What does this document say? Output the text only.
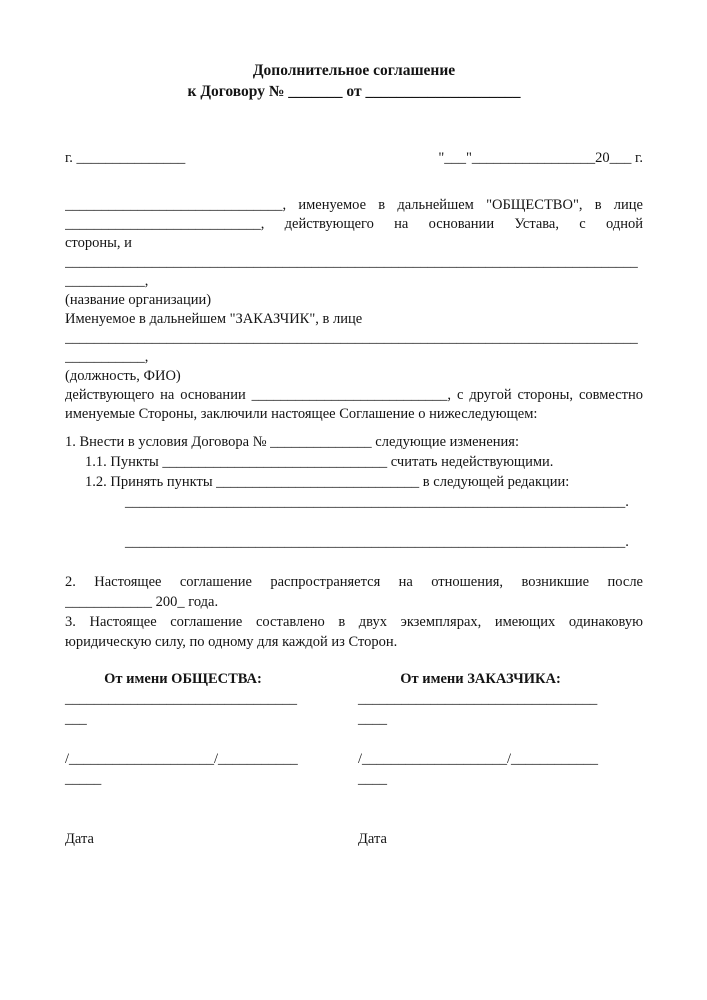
Дополнительное соглашение
к Договору № _______ от ____________________
г. _______________	"___"_________________20___ г.
______________________________, именуемое в дальнейшем "ОБЩЕСТВО", в лице
___________________________, действующего на основании Устава, с одной
стороны, и
_______________________________________________________________________________
___________,
(название организации)
Именуемое в дальнейшем "ЗАКАЗЧИК", в лице
_______________________________________________________________________________
___________,
(должность, ФИО)
действующего на основании ___________________________, с другой стороны, совместно
именуемые Стороны, заключили настоящее Соглашение о нижеследующем:
1. Внести в условия Договора № ______________ следующие изменения:
1.1. Пункты _______________________________ считать недействующими.
1.2. Принять пункты ____________________________ в следующей редакции:
_____________________________________________________________________.

_____________________________________________________________________.
2. Настоящее соглашение распространяется на отношения, возникшие после
____________ 200_ года.
3. Настоящее соглашение составлено в двух экземплярах, имеющих одинаковую
юридическую силу, по одному для каждой из Сторон.
От имени ОБЩЕСТВА:
___________________________________

/____________________/________________

Дата
От имени ЗАКАЗЧИКА:
_____________________________________

/____________________/________________

Дата
